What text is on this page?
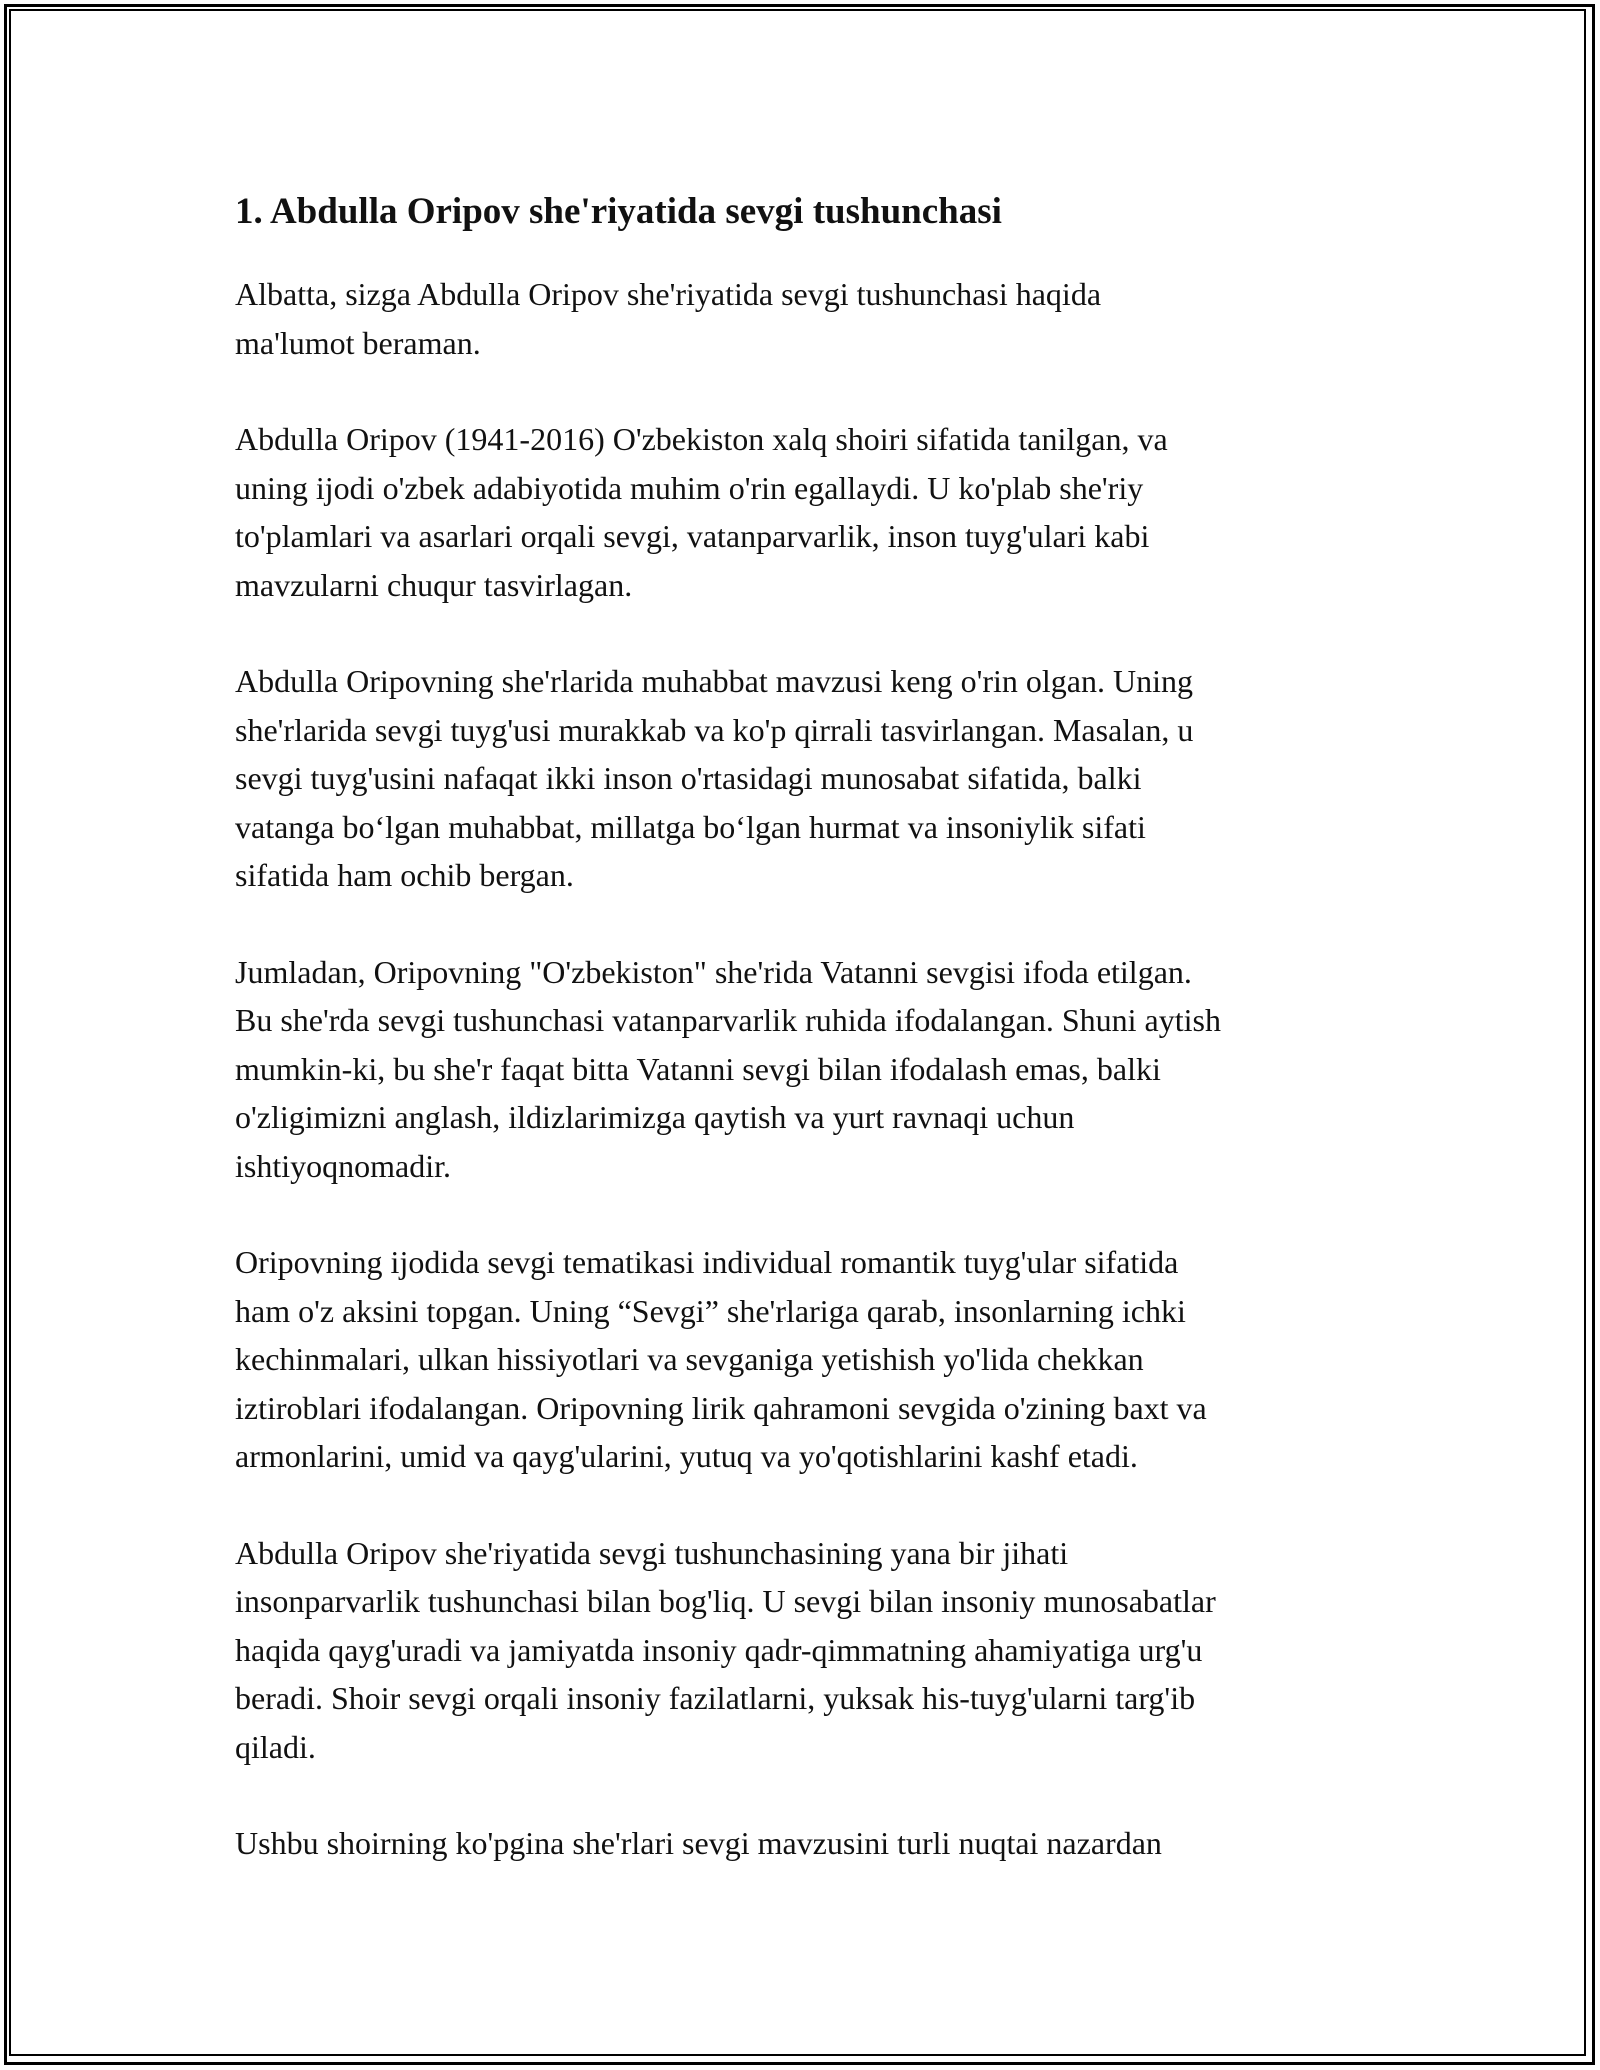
1. Abdulla Oripov she'riyatida sevgi tushunchasi

Albatta, sizga Abdulla Oripov she'riyatida sevgi tushunchasi haqida
ma'lumot beraman.

Abdulla Oripov (1941-2016) O'zbekiston xalq shoiri sifatida tanilgan, va
uning ijodi o'zbek adabiyotida muhim o'rin egallaydi. U ko'plab she'riy
to'plamlari va asarlari orqali sevgi, vatanparvarlik, inson tuyg'ulari kabi
mavzularni chuqur tasvirlagan.

Abdulla Oripovning she'rlarida muhabbat mavzusi keng o'rin olgan. Uning
she'rlarida sevgi tuyg'usi murakkab va ko'p qirrali tasvirlangan. Masalan, u
sevgi tuyg'usini nafaqat ikki inson o'rtasidagi munosabat sifatida, balki
vatanga bo‘lgan muhabbat, millatga bo‘lgan hurmat va insoniylik sifati
sifatida ham ochib bergan.

Jumladan, Oripovning "O'zbekiston" she'rida Vatanni sevgisi ifoda etilgan.
Bu she'rda sevgi tushunchasi vatanparvarlik ruhida ifodalangan. Shuni aytish
mumkin-ki, bu she'r faqat bitta Vatanni sevgi bilan ifodalash emas, balki
o'zligimizni anglash, ildizlarimizga qaytish va yurt ravnaqi uchun
ishtiyoqnomadir.

Oripovning ijodida sevgi tematikasi individual romantik tuyg'ular sifatida
ham o'z aksini topgan. Uning “Sevgi” she'rlariga qarab, insonlarning ichki
kechinmalari, ulkan hissiyotlari va sevganiga yetishish yo'lida chekkan
iztiroblari ifodalangan. Oripovning lirik qahramoni sevgida o'zining baxt va
armonlarini, umid va qayg'ularini, yutuq va yo'qotishlarini kashf etadi.

Abdulla Oripov she'riyatida sevgi tushunchasining yana bir jihati
insonparvarlik tushunchasi bilan bog'liq. U sevgi bilan insoniy munosabatlar
haqida qayg'uradi va jamiyatda insoniy qadr-qimmatning ahamiyatiga urg'u
beradi. Shoir sevgi orqali insoniy fazilatlarni, yuksak his-tuyg'ularni targ'ib
qiladi.

Ushbu shoirning ko'pgina she'rlari sevgi mavzusini turli nuqtai nazardan
